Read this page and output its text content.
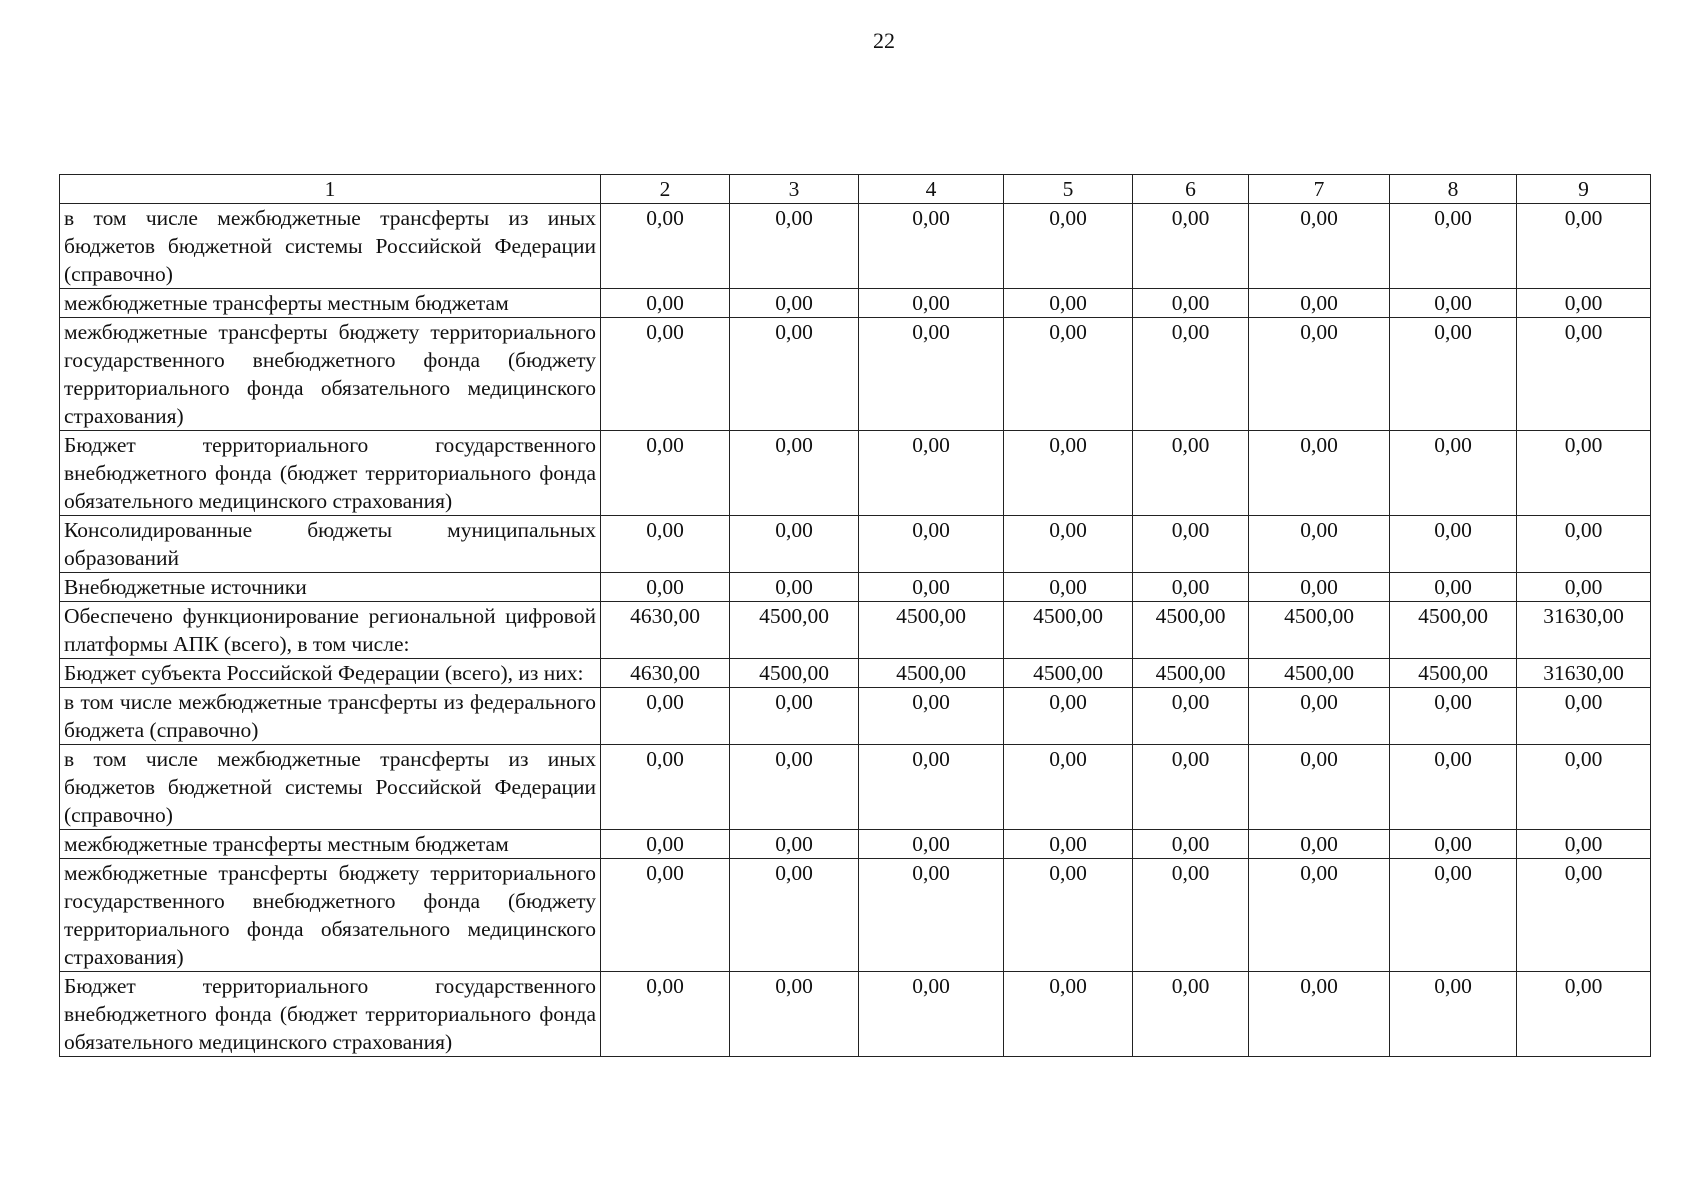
22
1	2	3	4	5	6	7	8	9
в том числе межбюджетные трансферты из иных бюджетов бюджетной системы Российской Федерации (справочно)	0,00	0,00	0,00	0,00	0,00	0,00	0,00	0,00
межбюджетные трансферты местным бюджетам	0,00	0,00	0,00	0,00	0,00	0,00	0,00	0,00
межбюджетные трансферты бюджету территориального государственного внебюджетного фонда (бюджету территориального фонда обязательного медицинского страхования)	0,00	0,00	0,00	0,00	0,00	0,00	0,00	0,00
Бюджет территориального государственного внебюджетного фонда (бюджет территориального фонда обязательного медицинского страхования)	0,00	0,00	0,00	0,00	0,00	0,00	0,00	0,00
Консолидированные бюджеты муниципальных образований	0,00	0,00	0,00	0,00	0,00	0,00	0,00	0,00
Внебюджетные источники	0,00	0,00	0,00	0,00	0,00	0,00	0,00	0,00
Обеспечено функционирование региональной цифровой платформы АПК (всего), в том числе:	4630,00	4500,00	4500,00	4500,00	4500,00	4500,00	4500,00	31630,00
Бюджет субъекта Российской Федерации (всего), из них:	4630,00	4500,00	4500,00	4500,00	4500,00	4500,00	4500,00	31630,00
в том числе межбюджетные трансферты из федерального бюджета (справочно)	0,00	0,00	0,00	0,00	0,00	0,00	0,00	0,00
в том числе межбюджетные трансферты из иных бюджетов бюджетной системы Российской Федерации (справочно)	0,00	0,00	0,00	0,00	0,00	0,00	0,00	0,00
межбюджетные трансферты местным бюджетам	0,00	0,00	0,00	0,00	0,00	0,00	0,00	0,00
межбюджетные трансферты бюджету территориального государственного внебюджетного фонда (бюджету территориального фонда обязательного медицинского страхования)	0,00	0,00	0,00	0,00	0,00	0,00	0,00	0,00
Бюджет территориального государственного внебюджетного фонда (бюджет территориального фонда обязательного медицинского страхования)	0,00	0,00	0,00	0,00	0,00	0,00	0,00	0,00
